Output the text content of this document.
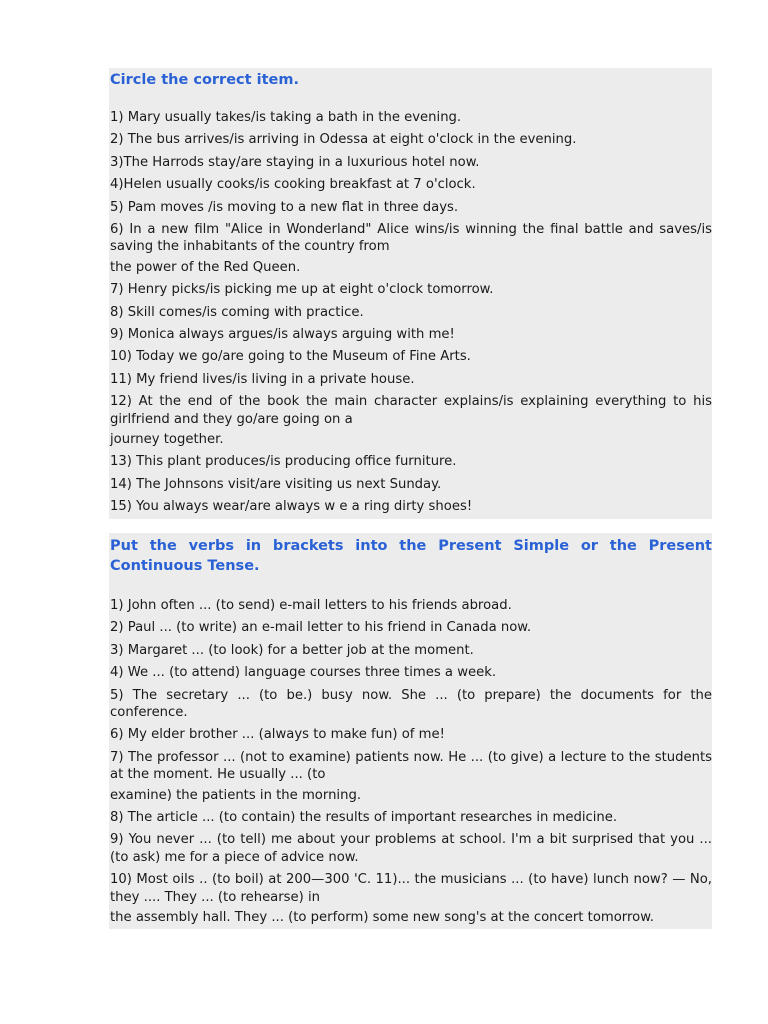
Circle the correct item.
1) Mary usually takes/is taking a bath in the evening.
2) The bus arrives/is arriving in Odessa at eight o'clock in the evening.
3)The Harrods stay/are staying in a luxurious hotel now.
4)Helen usually cooks/is cooking breakfast at 7 o'clock.
5) Pam moves /is moving to a new flat in three days.
6) In a new film "Alice in Wonderland" Alice wins/is winning the final battle and saves/is saving the inhabitants of the country from
the power of the Red Queen.
7) Henry picks/is picking me up at eight o'clock tomorrow.
8) Skill comes/is coming with practice.
9) Monica always argues/is always arguing with me!
10) Today we go/are going to the Museum of Fine Arts.
11) My friend lives/is living in a private house.
12) At the end of the book the main character explains/is explaining everything to his girlfriend and they go/are going on a
journey together.
13) This plant produces/is producing office furniture.
14) The Johnsons visit/are visiting us next Sunday.
15) You always wear/are always w e a ring dirty shoes!
Put the verbs in brackets into the Present Simple or the Present Continuous Tense.
1) John often ... (to send) e-mail letters to his friends abroad.
2) Paul ... (to write) an e-mail letter to his friend in Canada now.
3) Margaret ... (to look) for a better job at the moment.
4) We ... (to attend) language courses three times a week.
5) The secretary ... (to be.) busy now. She ... (to prepare) the documents for the conference.
6) My elder brother ... (always to make fun) of me!
7) The professor ... (not to examine) patients now. He ... (to give) a lecture to the students at the moment. He usually ... (to
examine) the patients in the morning.
8) The article ... (to contain) the results of important researches in medicine.
9) You never ... (to tell) me about your problems at school. I'm a bit surprised that you ... (to ask) me for a piece of advice now.
10) Most oils .. (to boil) at 200—300 'C. 11)... the musicians ... (to have) lunch now? — No, they .... They ... (to rehearse) in
the assembly hall. They ... (to perform) some new song's at the concert tomorrow.
